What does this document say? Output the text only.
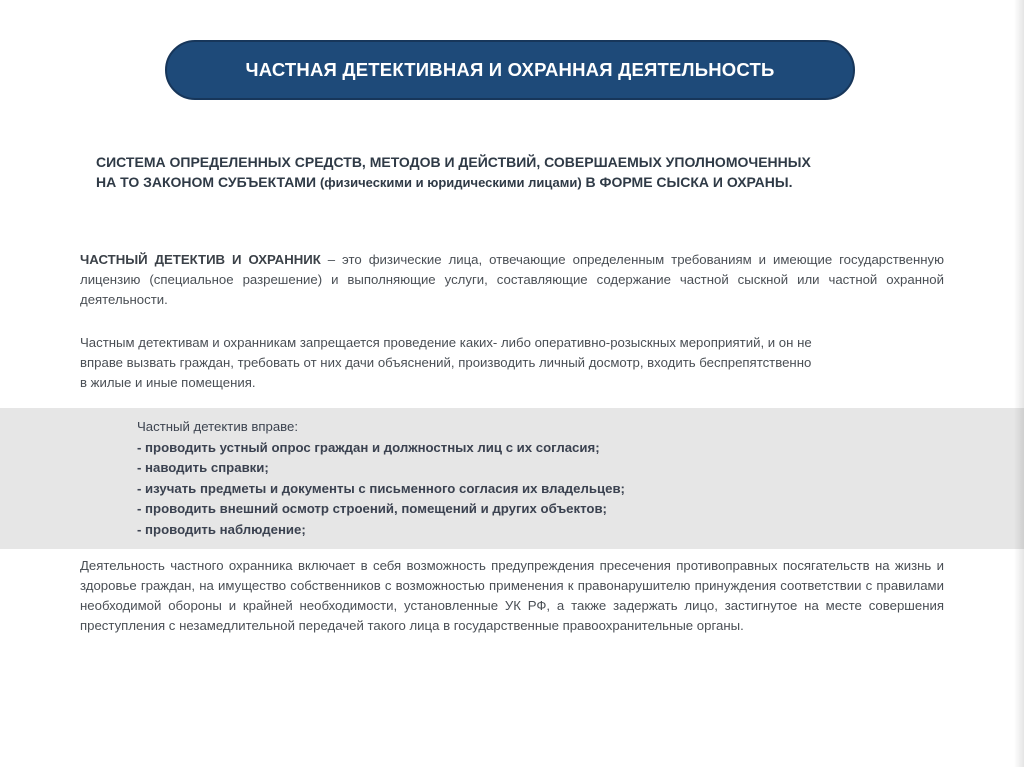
ЧАСТНАЯ ДЕТЕКТИВНАЯ И ОХРАННАЯ ДЕЯТЕЛЬНОСТЬ
СИСТЕМА ОПРЕДЕЛЕННЫХ СРЕДСТВ, МЕТОДОВ И ДЕЙСТВИЙ, СОВЕРШАЕМЫХ УПОЛНОМОЧЕННЫХ
НА ТО ЗАКОНОМ СУБЪЕКТАМИ (физическими и юридическими лицами) В ФОРМЕ СЫСКА И ОХРАНЫ.
ЧАСТНЫЙ ДЕТЕКТИВ И ОХРАННИК – это физические лица, отвечающие определенным требованиям и имеющие государственную лицензию (специальное разрешение) и выполняющие услуги, составляющие содержание частной сыскной или частной охранной деятельности.
Частным детективам и охранникам запрещается проведение каких- либо оперативно-розыскных мероприятий, и он не
вправе вызвать граждан, требовать от них дачи объяснений, производить личный досмотр, входить беспрепятственно
в жилые и иные помещения.
Частный детектив вправе:
- проводить устный опрос граждан и должностных лиц с их согласия;
- наводить справки;
- изучать предметы и документы с письменного согласия их владельцев;
- проводить внешний осмотр строений, помещений и других объектов;
- проводить наблюдение;
Деятельность частного охранника включает в себя возможность предупреждения пресечения противоправных посягательств на жизнь и здоровье граждан, на имущество собственников с возможностью применения к правонарушителю принуждения соответствии с правилами необходимой обороны и крайней необходимости, установленные УК РФ, а также задержать лицо, застигнутое на месте совершения преступления с незамедлительной передачей такого лица в государственные правоохранительные органы.
